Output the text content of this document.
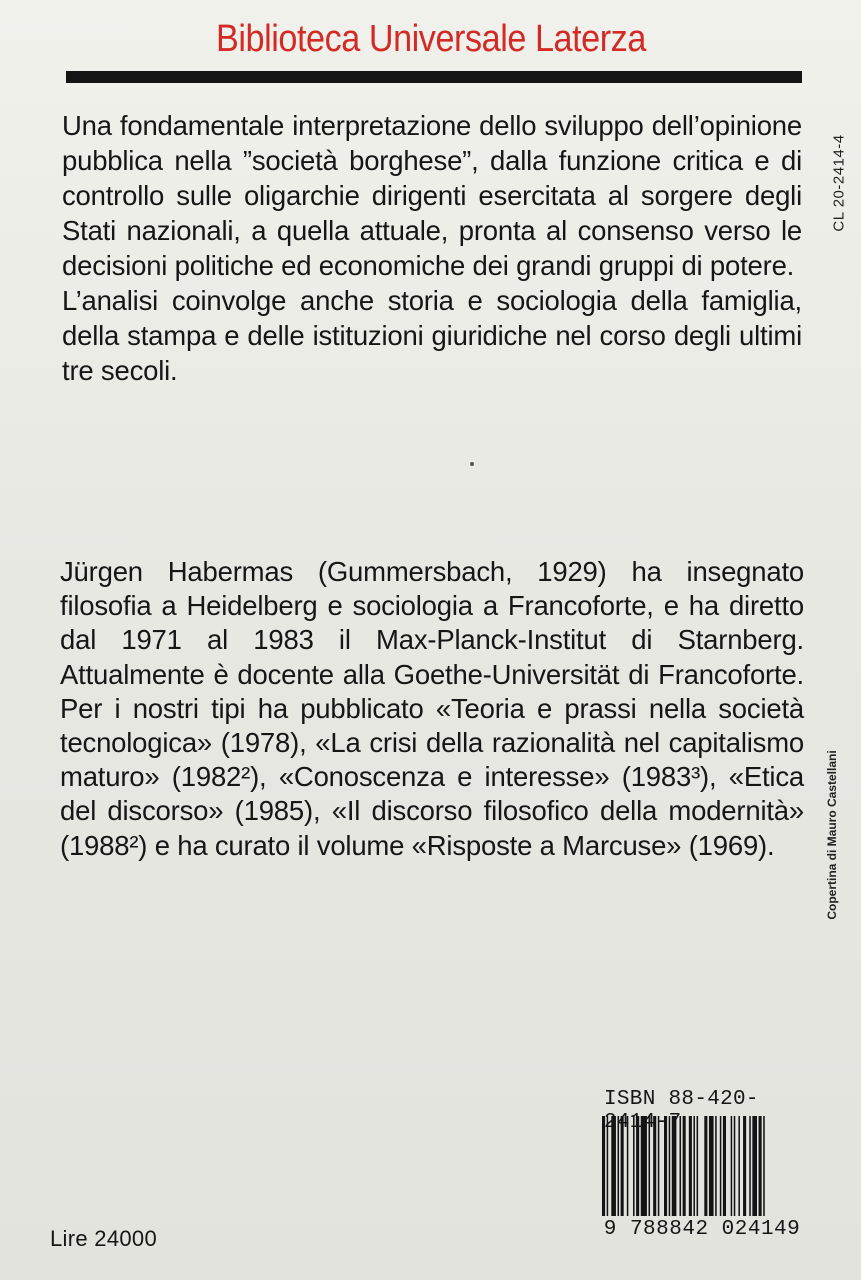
Biblioteca Universale Laterza

Una fondamentale interpretazione dello sviluppo dell’opinione pubblica nella ”società borghese”, dalla funzione critica e di controllo sulle oligarchie dirigenti esercitata al sorgere degli Stati nazionali, a quella attuale, pronta al consenso verso le decisioni politiche ed economiche dei grandi gruppi di potere.

L’analisi coinvolge anche storia e sociologia della famiglia, della stampa e delle istituzioni giuridiche nel corso degli ultimi tre secoli.

CL 20-2414-4

Jürgen Habermas (Gummersbach, 1929) ha insegnato filosofia a Heidelberg e sociologia a Francoforte, e ha diretto dal 1971 al 1983 il Max-Planck-Institut di Starnberg. Attualmente è docente alla Goethe-Universität di Francoforte. Per i nostri tipi ha pubblicato «Teoria e prassi nella società tecnologica» (1978), «La crisi della razionalità nel capitalismo maturo» (1982²), «Conoscenza e interesse» (1983³), «Etica del discorso» (1985), «Il discorso filosofico della modernità» (1988²) e ha curato il volume «Risposte a Marcuse» (1969).	Copertina di Mauro Castellani
ISBN 88-420-24 4-7
9 788842 024149
Lire 24000
